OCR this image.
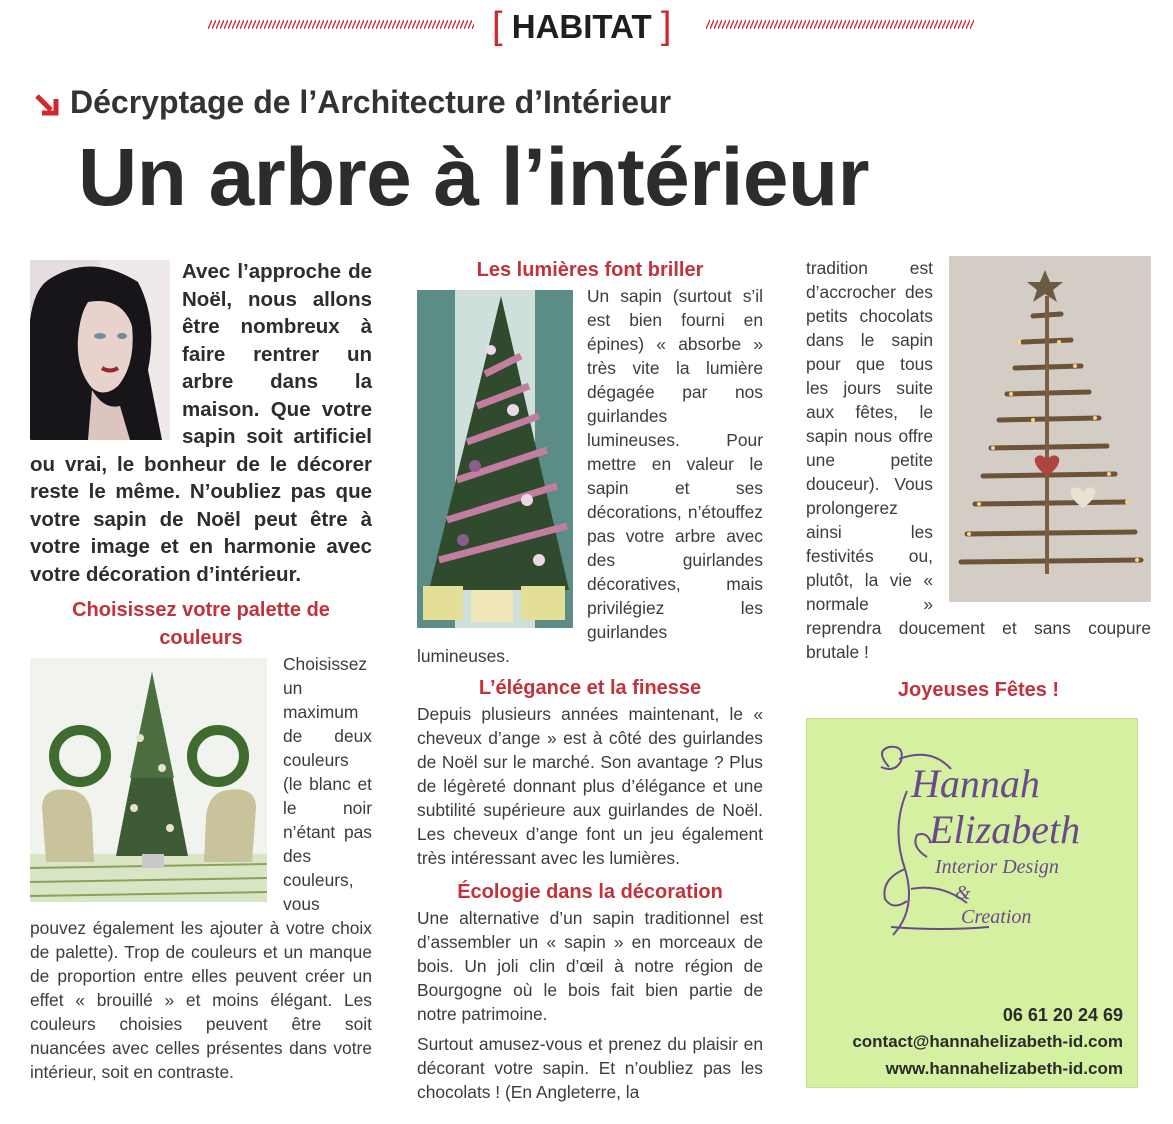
[ HABITAT ]
Décryptage de l’Architecture d’Intérieur
Un arbre à l’intérieur

Avec l’approche de Noël, nous allons être nombreux à faire rentrer un arbre dans la maison. Que votre sapin soit artificiel ou vrai, le bonheur de le décorer reste le même. N’oubliez pas que votre sapin de Noël peut être à votre image et en harmonie avec votre décoration d’intérieur.

Choisissez votre palette de couleurs

Choisissez un maximum de deux couleurs (le blanc et le noir n’étant pas des couleurs, vous pouvez également les ajouter à votre choix de palette). Trop de couleurs et un manque de proportion entre elles peuvent créer un effet « brouillé » et moins élégant. Les couleurs choisies peuvent être soit nuancées avec celles présentes dans votre intérieur, soit en contraste.

Les lumières font briller

Un sapin (surtout s’il est bien fourni en épines) « absorbe » très vite la lumière dégagée par nos guirlandes lumineuses. Pour mettre en valeur le sapin et ses décorations, n’étouffez pas votre arbre avec des guirlandes décoratives, mais privilégiez les guirlandes lumineuses.

L’élégance et la finesse

Depuis plusieurs années maintenant, le « cheveux d’ange » est à côté des guirlandes de Noël sur le marché. Son avantage ? Plus de légèreté donnant plus d’élégance et une subtilité supérieure aux guirlandes de Noël. Les cheveux d’ange font un jeu également très intéressant avec les lumières.

Écologie dans la décoration

Une alternative d’un sapin traditionnel est d’assembler un « sapin » en morceaux de bois. Un joli clin d’œil à notre région de Bourgogne où le bois fait bien partie de notre patrimoine.

Surtout amusez-vous et prenez du plaisir en décorant votre sapin. Et n’oubliez pas les chocolats ! (En Angleterre, la

tradition est d’accrocher des petits chocolats dans le sapin pour que tous les jours suite aux fêtes, le sapin nous offre une petite douceur). Vous prolongerez ainsi les festivités ou, plutôt, la vie « normale » reprendra doucement et sans coupure brutale !

Joyeuses Fêtes !
Hannah
Elizabeth
Interior Design
&
Creation
06 61 20 24 69
contact@hannahelizabeth-id.com
www.hannahelizabeth-id.com
